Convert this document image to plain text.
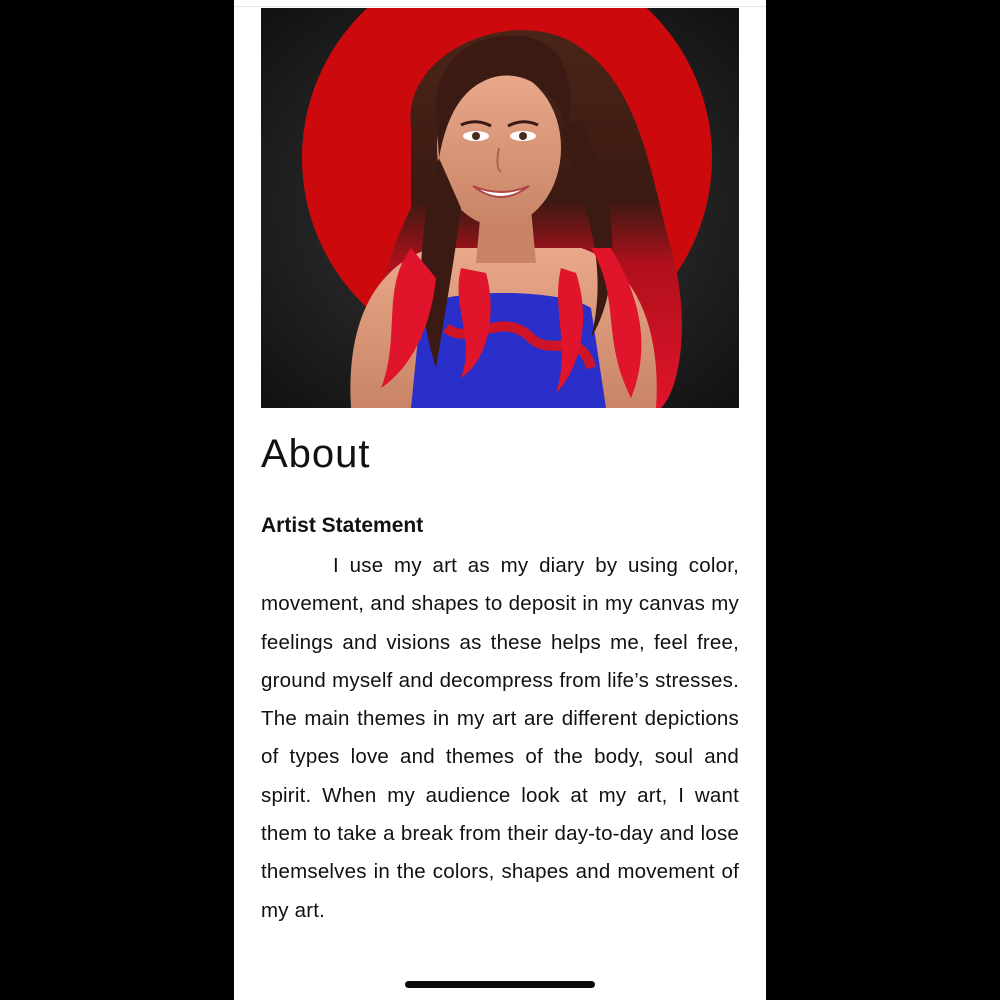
About
Artist Statement

I use my art as my diary by using color, movement, and shapes to deposit in my canvas my feelings and visions as these helps me, feel free, ground myself and decompress from life’s stresses. The main themes in my art are different depictions of types love and themes of the body, soul and spirit. When my audience look at my art, I want them to take a break from their day-to-day and lose themselves in the colors, shapes and movement of my art.
